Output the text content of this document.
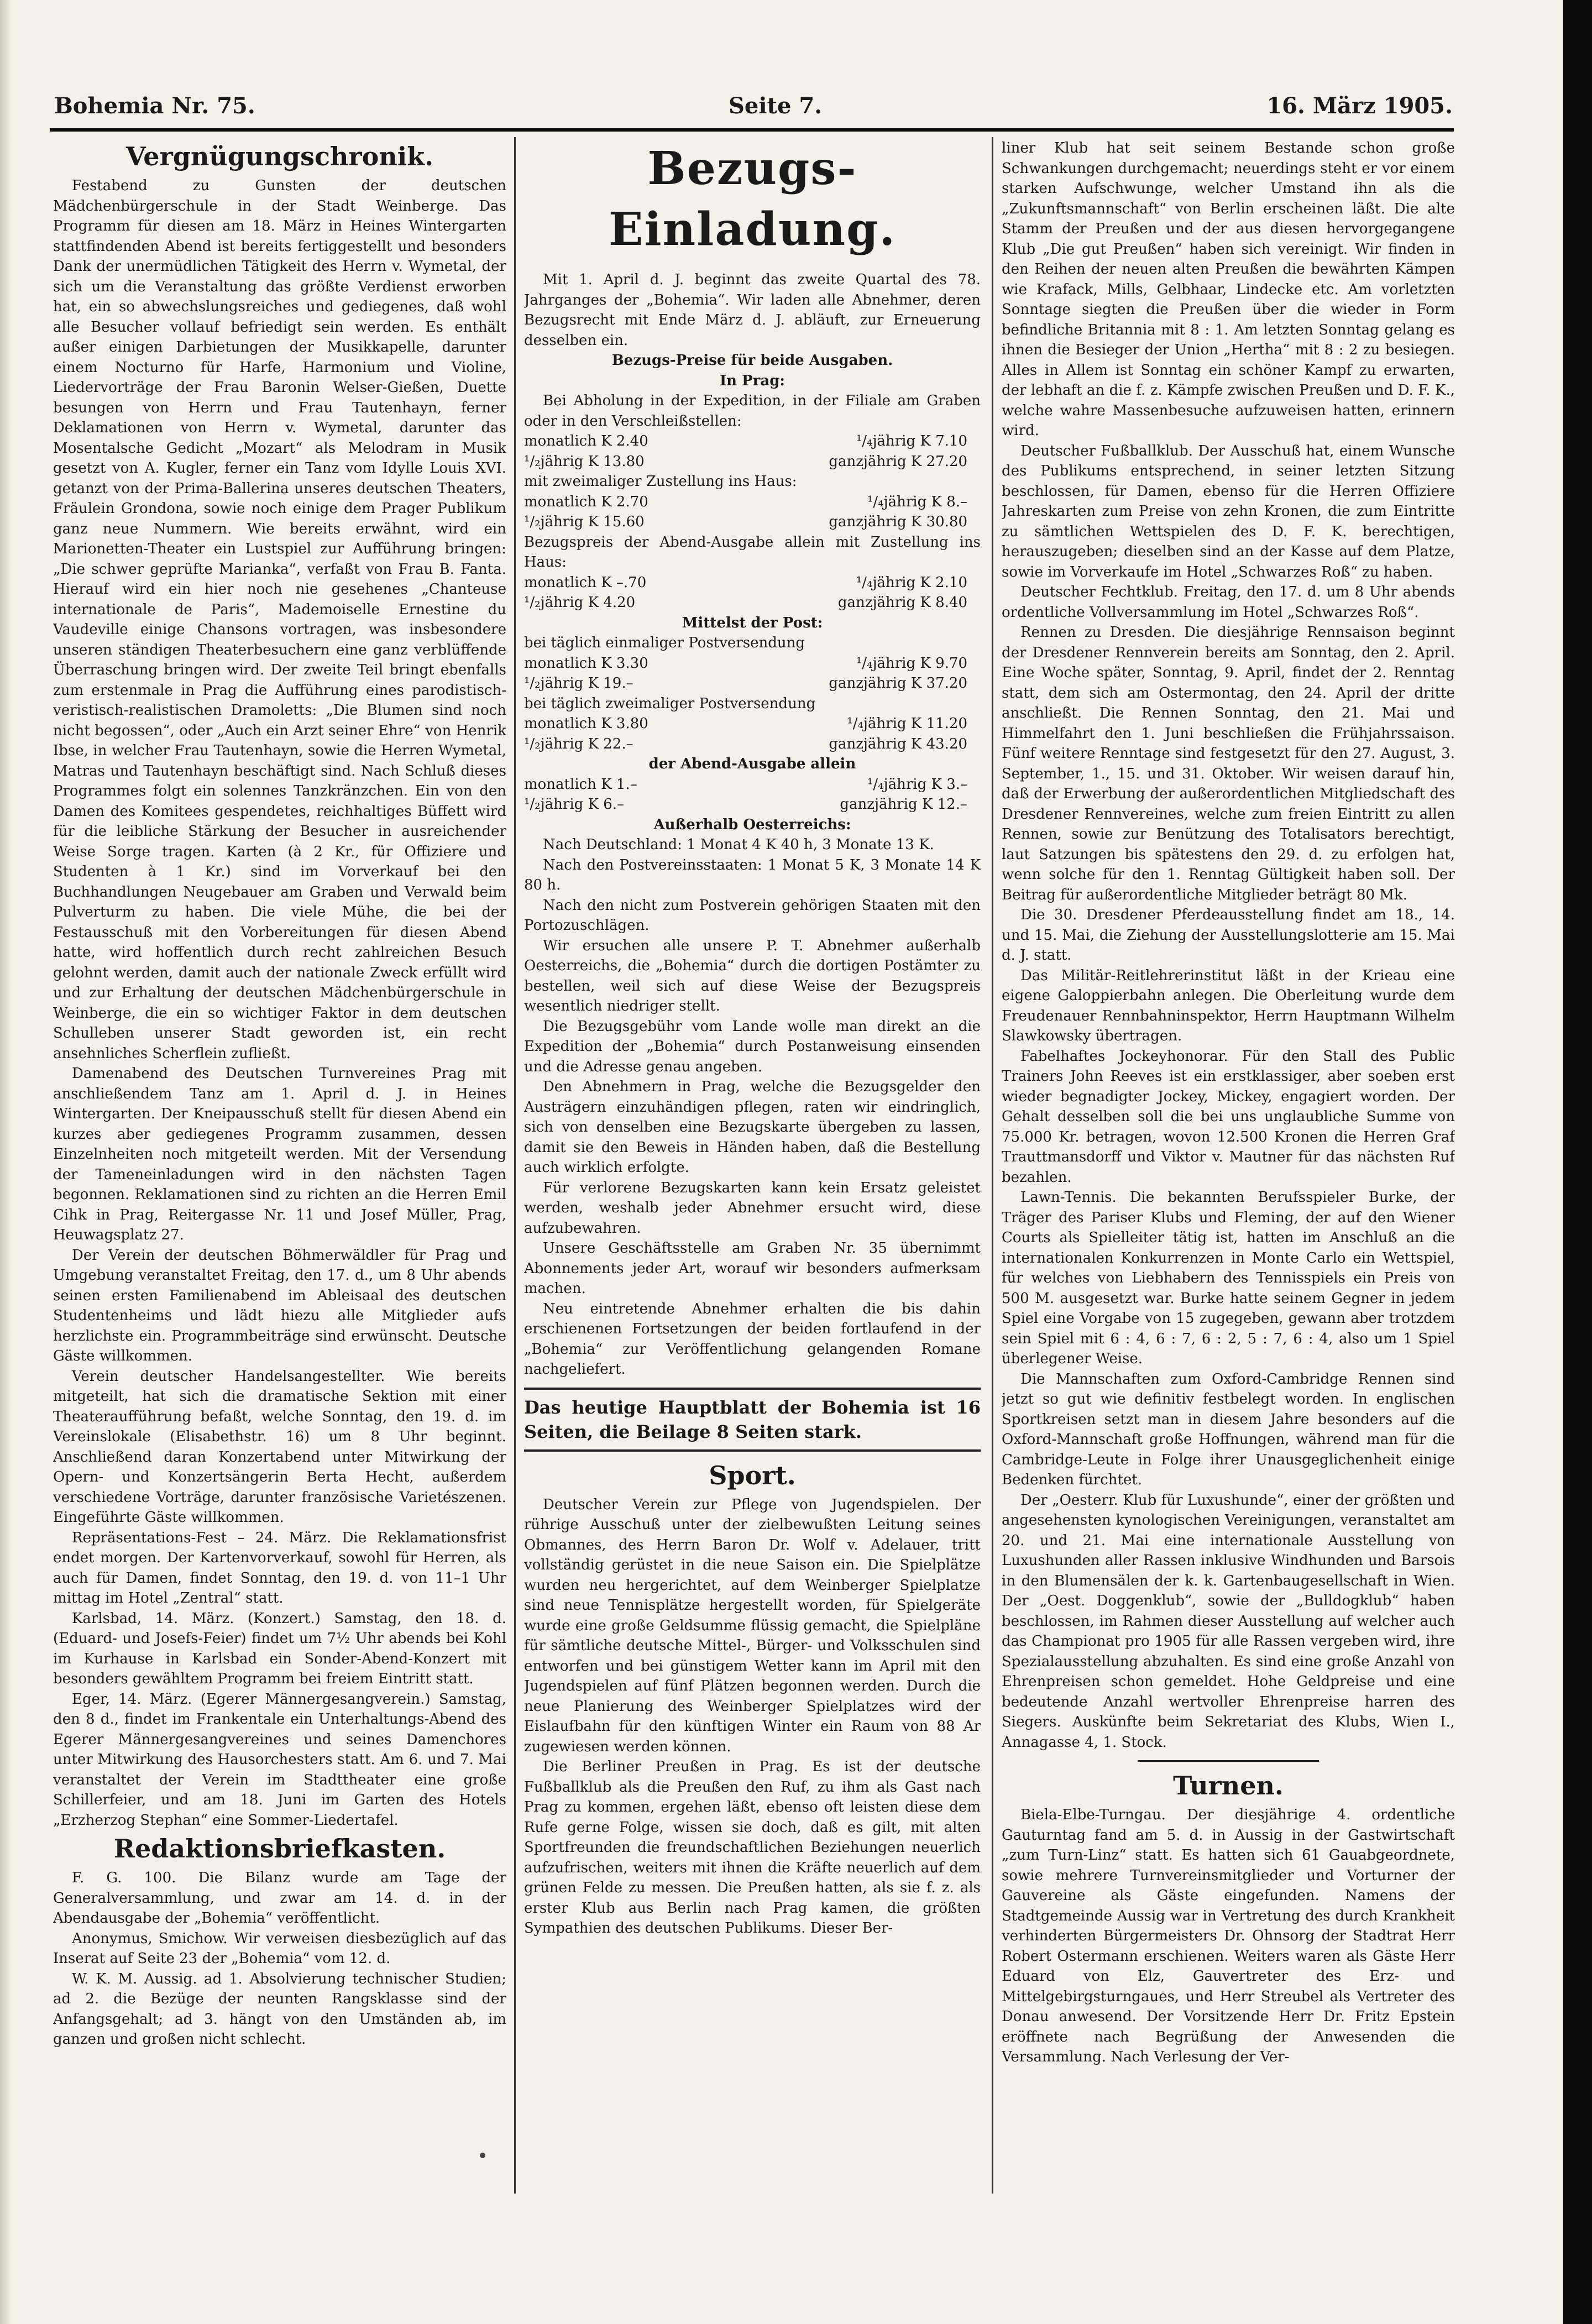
Bohemia Nr. 75.	Seite 7.	16. März 1905.
Vergnügungschronik.

Festabend zu Gunsten der deutschen Mädchenbürgerschule in der Stadt Weinberge. Das Programm für diesen am 18. März in Heines Wintergarten stattfindenden Abend ist bereits fertiggestellt und besonders Dank der unermüdlichen Tätigkeit des Herrn v. Wymetal, der sich um die Veranstaltung das größte Verdienst erworben hat, ein so abwechslungsreiches und gediegenes, daß wohl alle Besucher vollauf befriedigt sein werden. Es enthält außer einigen Darbietungen der Musikkapelle, darunter einem Nocturno für Harfe, Harmonium und Violine, Liedervorträge der Frau Baronin Welser-Gießen, Duette besungen von Herrn und Frau Tautenhayn, ferner Deklamationen von Herrn v. Wymetal, darunter das Mosentalsche Gedicht „Mozart“ als Melodram in Musik gesetzt von A. Kugler, ferner ein Tanz vom Idylle Louis XVI. getanzt von der Prima-Ballerina unseres deutschen Theaters, Fräulein Grondona, sowie noch einige dem Prager Publikum ganz neue Nummern. Wie bereits erwähnt, wird ein Marionetten-Theater ein Lustspiel zur Aufführung bringen: „Die schwer geprüfte Marianka“, verfaßt von Frau B. Fanta. Hierauf wird ein hier noch nie gesehenes „Chanteuse internationale de Paris“, Mademoiselle Ernestine du Vaudeville einige Chansons vortragen, was insbesondere unseren ständigen Theaterbesuchern eine ganz verblüffende Überraschung bringen wird. Der zweite Teil bringt ebenfalls zum erstenmale in Prag die Aufführung eines parodistisch-veristisch-realistischen Dramoletts: „Die Blumen sind noch nicht begossen“, oder „Auch ein Arzt seiner Ehre“ von Henrik Ibse, in welcher Frau Tautenhayn, sowie die Herren Wymetal, Matras und Tautenhayn beschäftigt sind. Nach Schluß dieses Programmes folgt ein solennes Tanzkränzchen. Ein von den Damen des Komitees gespendetes, reichhaltiges Büffett wird für die leibliche Stärkung der Besucher in ausreichender Weise Sorge tragen. Karten (à 2 Kr., für Offiziere und Studenten à 1 Kr.) sind im Vorverkauf bei den Buchhandlungen Neugebauer am Graben und Verwald beim Pulverturm zu haben. Die viele Mühe, die bei der Festausschuß mit den Vorbereitungen für diesen Abend hatte, wird hoffentlich durch recht zahlreichen Besuch gelohnt werden, damit auch der nationale Zweck erfüllt wird und zur Erhaltung der deutschen Mädchenbürgerschule in Weinberge, die ein so wichtiger Faktor in dem deutschen Schulleben unserer Stadt geworden ist, ein recht ansehnliches Scherflein zufließt.

Damenabend des Deutschen Turnvereines Prag mit anschließendem Tanz am 1. April d. J. in Heines Wintergarten. Der Kneipausschuß stellt für diesen Abend ein kurzes aber gediegenes Programm zusammen, dessen Einzelnheiten noch mitgeteilt werden. Mit der Versendung der Tameneinladungen wird in den nächsten Tagen begonnen. Reklamationen sind zu richten an die Herren Emil Cihk in Prag, Reitergasse Nr. 11 und Josef Müller, Prag, Heuwagsplatz 27.

Der Verein der deutschen Böhmerwäldler für Prag und Umgebung veranstaltet Freitag, den 17. d., um 8 Uhr abends seinen ersten Familienabend im Ableisaal des deutschen Studentenheims und lädt hiezu alle Mitglieder aufs herzlichste ein. Programmbeiträge sind erwünscht. Deutsche Gäste willkommen.

Verein deutscher Handelsangestellter. Wie bereits mitgeteilt, hat sich die dramatische Sektion mit einer Theateraufführung befaßt, welche Sonntag, den 19. d. im Vereinslokale (Elisabethstr. 16) um 8 Uhr beginnt. Anschließend daran Konzertabend unter Mitwirkung der Opern- und Konzertsängerin Berta Hecht, außerdem verschiedene Vorträge, darunter französische Varietészenen. Eingeführte Gäste willkommen.

Repräsentations-Fest – 24. März. Die Reklamationsfrist endet morgen. Der Kartenvorverkauf, sowohl für Herren, als auch für Damen, findet Sonntag, den 19. d. von 11–1 Uhr mittag im Hotel „Zentral“ statt.

Karlsbad, 14. März. (Konzert.) Samstag, den 18. d. (Eduard- und Josefs-Feier) findet um 7½ Uhr abends bei Kohl im Kurhause in Karlsbad ein Sonder-Abend-Konzert mit besonders gewähltem Programm bei freiem Eintritt statt.

Eger, 14. März. (Egerer Männergesangverein.) Samstag, den 8 d., findet im Frankentale ein Unterhaltungs-Abend des Egerer Männergesangvereines und seines Damenchores unter Mitwirkung des Hausorchesters statt. Am 6. und 7. Mai veranstaltet der Verein im Stadttheater eine große Schillerfeier, und am 18. Juni im Garten des Hotels „Erzherzog Stephan“ eine Sommer-Liedertafel.

Redaktionsbriefkasten.

F. G. 100. Die Bilanz wurde am Tage der Generalversammlung, und zwar am 14. d. in der Abendausgabe der „Bohemia“ veröffentlicht.

Anonymus, Smichow. Wir verweisen diesbezüglich auf das Inserat auf Seite 23 der „Bohemia“ vom 12. d.

W. K. M. Aussig. ad 1. Absolvierung technischer Studien; ad 2. die Bezüge der neunten Rangsklasse sind der Anfangsgehalt; ad 3. hängt von den Umständen ab, im ganzen und großen nicht schlecht.

Bezugs-Einladung.

Mit 1. April d. J. beginnt das zweite Quartal des 78. Jahrganges der „Bohemia“. Wir laden alle Abnehmer, deren Bezugsrecht mit Ende März d. J. abläuft, zur Erneuerung desselben ein.

Bezugs-Preise für beide Ausgaben.
In Prag:

Bei Abholung in der Expedition, in der Filiale am Graben oder in den Verschleißstellen:

monatlich K 2.40	¹/₄jährig K 7.10
¹/₂jährig K 13.80	ganzjährig K 27.20
mit zweimaliger Zustellung ins Haus:
monatlich K 2.70	¹/₄jährig K 8.–
¹/₂jährig K 15.60	ganzjährig K 30.80
Bezugspreis der Abend-Ausgabe allein mit Zustellung ins Haus:
monatlich K –.70	¹/₄jährig K 2.10
¹/₂jährig K 4.20	ganzjährig K 8.40
Mittelst der Post:
bei täglich einmaliger Postversendung
monatlich K 3.30	¹/₄jährig K 9.70
¹/₂jährig K 19.–	ganzjährig K 37.20
bei täglich zweimaliger Postversendung
monatlich K 3.80	¹/₄jährig K 11.20
¹/₂jährig K 22.–	ganzjährig K 43.20
der Abend-Ausgabe allein
monatlich K 1.–	¹/₄jährig K 3.–
¹/₂jährig K 6.–	ganzjährig K 12.–
Außerhalb Oesterreichs:

Nach Deutschland: 1 Monat 4 K 40 h, 3 Monate 13 K.

Nach den Postvereinsstaaten: 1 Monat 5 K, 3 Monate 14 K 80 h.

Nach den nicht zum Postverein gehörigen Staaten mit den Portozuschlägen.

Wir ersuchen alle unsere P. T. Abnehmer außerhalb Oesterreichs, die „Bohemia“ durch die dortigen Postämter zu bestellen, weil sich auf diese Weise der Bezugspreis wesentlich niedriger stellt.

Die Bezugsgebühr vom Lande wolle man direkt an die Expedition der „Bohemia“ durch Postanweisung einsenden und die Adresse genau angeben.

Den Abnehmern in Prag, welche die Bezugsgelder den Austrägern einzuhändigen pflegen, raten wir eindringlich, sich von denselben eine Bezugskarte übergeben zu lassen, damit sie den Beweis in Händen haben, daß die Bestellung auch wirklich erfolgte.

Für verlorene Bezugskarten kann kein Ersatz geleistet werden, weshalb jeder Abnehmer ersucht wird, diese aufzubewahren.

Unsere Geschäftsstelle am Graben Nr. 35 übernimmt Abonnements jeder Art, worauf wir besonders aufmerksam machen.

Neu eintretende Abnehmer erhalten die bis dahin erschienenen Fortsetzungen der beiden fortlaufend in der „Bohemia“ zur Veröffentlichung gelangenden Romane nachgeliefert.

Das heutige Hauptblatt der Bohemia ist 16 Seiten, die Beilage 8 Seiten stark.
Sport.

Deutscher Verein zur Pflege von Jugendspielen. Der rührige Ausschuß unter der zielbewußten Leitung seines Obmannes, des Herrn Baron Dr. Wolf v. Adelauer, tritt vollständig gerüstet in die neue Saison ein. Die Spielplätze wurden neu hergerichtet, auf dem Weinberger Spielplatze sind neue Tennisplätze hergestellt worden, für Spielgeräte wurde eine große Geldsumme flüssig gemacht, die Spielpläne für sämtliche deutsche Mittel-, Bürger- und Volksschulen sind entworfen und bei günstigem Wetter kann im April mit den Jugendspielen auf fünf Plätzen begonnen werden. Durch die neue Planierung des Weinberger Spielplatzes wird der Eislaufbahn für den künftigen Winter ein Raum von 88 Ar zugewiesen werden können.

Die Berliner Preußen in Prag. Es ist der deutsche Fußballklub als die Preußen den Ruf, zu ihm als Gast nach Prag zu kommen, ergehen läßt, ebenso oft leisten diese dem Rufe gerne Folge, wissen sie doch, daß es gilt, mit alten Sportfreunden die freundschaftlichen Beziehungen neuerlich aufzufrischen, weiters mit ihnen die Kräfte neuerlich auf dem grünen Felde zu messen. Die Preußen hatten, als sie f. z. als erster Klub aus Berlin nach Prag kamen, die größten Sympathien des deutschen Publikums. Dieser Ber-

liner Klub hat seit seinem Bestande schon große Schwankungen durchgemacht; neuerdings steht er vor einem starken Aufschwunge, welcher Umstand ihn als die „Zukunftsmannschaft“ von Berlin erscheinen läßt. Die alte Stamm der Preußen und der aus diesen hervorgegangene Klub „Die gut Preußen“ haben sich vereinigt. Wir finden in den Reihen der neuen alten Preußen die bewährten Kämpen wie Krafack, Mills, Gelbhaar, Lindecke etc. Am vorletzten Sonntage siegten die Preußen über die wieder in Form befindliche Britannia mit 8 : 1. Am letzten Sonntag gelang es ihnen die Besieger der Union „Hertha“ mit 8 : 2 zu besiegen. Alles in Allem ist Sonntag ein schöner Kampf zu erwarten, der lebhaft an die f. z. Kämpfe zwischen Preußen und D. F. K., welche wahre Massenbesuche aufzuweisen hatten, erinnern wird.

Deutscher Fußballklub. Der Ausschuß hat, einem Wunsche des Publikums entsprechend, in seiner letzten Sitzung beschlossen, für Damen, ebenso für die Herren Offiziere Jahreskarten zum Preise von zehn Kronen, die zum Eintritte zu sämtlichen Wettspielen des D. F. K. berechtigen, herauszugeben; dieselben sind an der Kasse auf dem Platze, sowie im Vorverkaufe im Hotel „Schwarzes Roß“ zu haben.

Deutscher Fechtklub. Freitag, den 17. d. um 8 Uhr abends ordentliche Vollversammlung im Hotel „Schwarzes Roß“.

Rennen zu Dresden. Die diesjährige Rennsaison beginnt der Dresdener Rennverein bereits am Sonntag, den 2. April. Eine Woche später, Sonntag, 9. April, findet der 2. Renntag statt, dem sich am Ostermontag, den 24. April der dritte anschließt. Die Rennen Sonntag, den 21. Mai und Himmelfahrt den 1. Juni beschließen die Frühjahrssaison. Fünf weitere Renntage sind festgesetzt für den 27. August, 3. September, 1., 15. und 31. Oktober. Wir weisen darauf hin, daß der Erwerbung der außerordentlichen Mitgliedschaft des Dresdener Rennvereines, welche zum freien Eintritt zu allen Rennen, sowie zur Benützung des Totalisators berechtigt, laut Satzungen bis spätestens den 29. d. zu erfolgen hat, wenn solche für den 1. Renntag Gültigkeit haben soll. Der Beitrag für außerordentliche Mitglieder beträgt 80 Mk.

Die 30. Dresdener Pferdeausstellung findet am 18., 14. und 15. Mai, die Ziehung der Ausstellungslotterie am 15. Mai d. J. statt.

Das Militär-Reitlehrerinstitut läßt in der Krieau eine eigene Galoppierbahn anlegen. Die Oberleitung wurde dem Freudenauer Rennbahninspektor, Herrn Hauptmann Wilhelm Slawkowsky übertragen.

Fabelhaftes Jockeyhonorar. Für den Stall des Public Trainers John Reeves ist ein erstklassiger, aber soeben erst wieder begnadigter Jockey, Mickey, engagiert worden. Der Gehalt desselben soll die bei uns unglaubliche Summe von 75.000 Kr. betragen, wovon 12.500 Kronen die Herren Graf Trauttmansdorff und Viktor v. Mautner für das nächsten Ruf bezahlen.

Lawn-Tennis. Die bekannten Berufsspieler Burke, der Träger des Pariser Klubs und Fleming, der auf den Wiener Courts als Spielleiter tätig ist, hatten im Anschluß an die internationalen Konkurrenzen in Monte Carlo ein Wettspiel, für welches von Liebhabern des Tennisspiels ein Preis von 500 M. ausgesetzt war. Burke hatte seinem Gegner in jedem Spiel eine Vorgabe von 15 zugegeben, gewann aber trotzdem sein Spiel mit 6 : 4, 6 : 7, 6 : 2, 5 : 7, 6 : 4, also um 1 Spiel überlegener Weise.

Die Mannschaften zum Oxford-Cambridge Rennen sind jetzt so gut wie definitiv festbelegt worden. In englischen Sportkreisen setzt man in diesem Jahre besonders auf die Oxford-Mannschaft große Hoffnungen, während man für die Cambridge-Leute in Folge ihrer Unausgeglichenheit einige Bedenken fürchtet.

Der „Oesterr. Klub für Luxushunde“, einer der größten und angesehensten kynologischen Vereinigungen, veranstaltet am 20. und 21. Mai eine internationale Ausstellung von Luxushunden aller Rassen inklusive Windhunden und Barsois in den Blumensälen der k. k. Gartenbaugesellschaft in Wien. Der „Oest. Doggenklub“, sowie der „Bulldogklub“ haben beschlossen, im Rahmen dieser Ausstellung auf welcher auch das Championat pro 1905 für alle Rassen vergeben wird, ihre Spezialausstellung abzuhalten. Es sind eine große Anzahl von Ehrenpreisen schon gemeldet. Hohe Geldpreise und eine bedeutende Anzahl wertvoller Ehrenpreise harren des Siegers. Auskünfte beim Sekretariat des Klubs, Wien I., Annagasse 4, 1. Stock.

Turnen.

Biela-Elbe-Turngau. Der diesjährige 4. ordentliche Gauturntag fand am 5. d. in Aussig in der Gastwirtschaft „zum Turn-Linz“ statt. Es hatten sich 61 Gauabgeordnete, sowie mehrere Turnvereinsmitglieder und Vorturner der Gauvereine als Gäste eingefunden. Namens der Stadtgemeinde Aussig war in Vertretung des durch Krankheit verhinderten Bürgermeisters Dr. Ohnsorg der Stadtrat Herr Robert Ostermann erschienen. Weiters waren als Gäste Herr Eduard von Elz, Gauvertreter des Erz- und Mittelgebirgsturngaues, und Herr Streubel als Vertreter des Donau anwesend. Der Vorsitzende Herr Dr. Fritz Epstein eröffnete nach Begrüßung der Anwesenden die Versammlung. Nach Verlesung der Ver-
